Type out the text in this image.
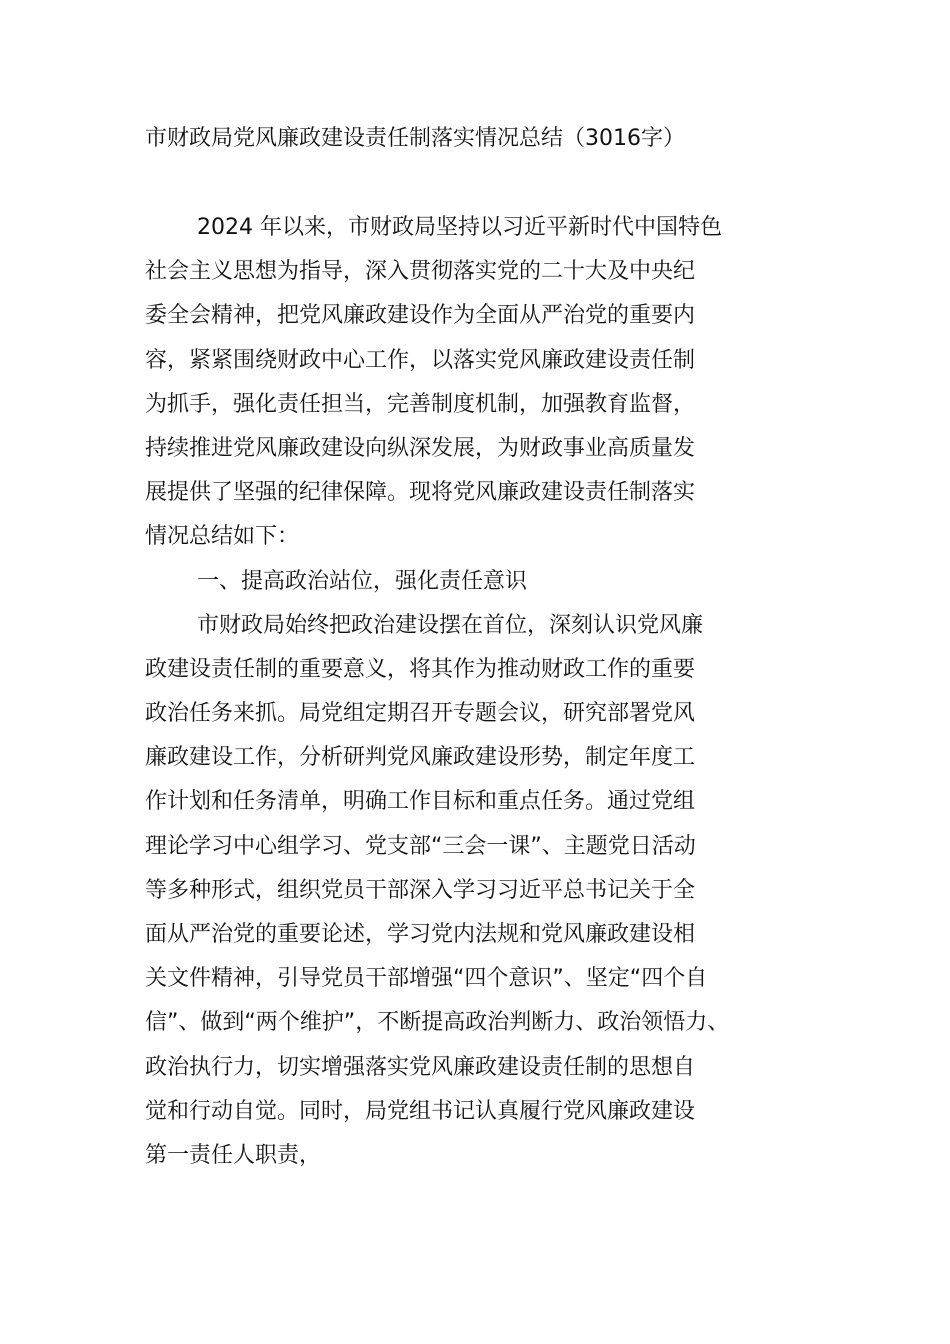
市财政局党风廉政建设责任制落实情况总结（3016字）
2024 年以来，市财政局坚持以习近平新时代中国特色
社会主义思想为指导，深入贯彻落实党的二十大及中央纪
委全会精神，把党风廉政建设作为全面从严治党的重要内
容，紧紧围绕财政中心工作，以落实党风廉政建设责任制
为抓手，强化责任担当，完善制度机制，加强教育监督，
持续推进党风廉政建设向纵深发展，为财政事业高质量发
展提供了坚强的纪律保障。现将党风廉政建设责任制落实
情况总结如下：
一、提高政治站位，强化责任意识
市财政局始终把政治建设摆在首位，深刻认识党风廉
政建设责任制的重要意义，将其作为推动财政工作的重要
政治任务来抓。局党组定期召开专题会议，研究部署党风
廉政建设工作，分析研判党风廉政建设形势，制定年度工
作计划和任务清单，明确工作目标和重点任务。通过党组
理论学习中心组学习、党支部“三会一课”、主题党日活动
等多种形式，组织党员干部深入学习习近平总书记关于全
面从严治党的重要论述，学习党内法规和党风廉政建设相
关文件精神，引导党员干部增强“四个意识”、坚定“四个自
信”、做到“两个维护”，不断提高政治判断力、政治领悟力、
政治执行力，切实增强落实党风廉政建设责任制的思想自
觉和行动自觉。同时，局党组书记认真履行党风廉政建设
第一责任人职责，
